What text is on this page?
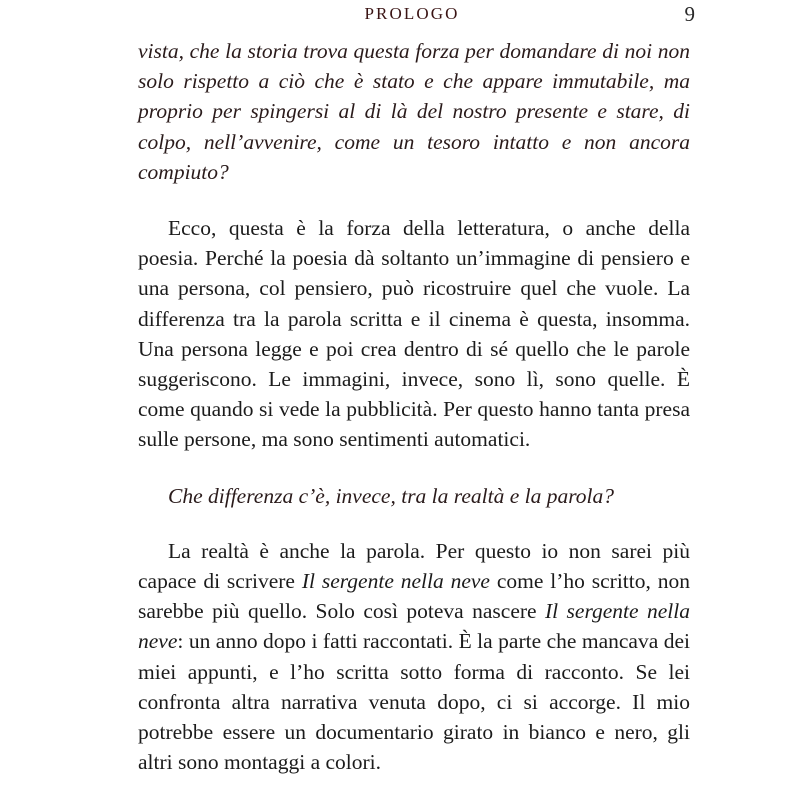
PROLOGO	9

vista, che la storia trova questa forza per domandare di noi non solo rispetto a ciò che è stato e che appare immutabile, ma proprio per spingersi al di là del nostro presente e stare, di colpo, nell’avvenire, come un tesoro intatto e non ancora compiuto?

Ecco, questa è la forza della letteratura, o anche della poesia. Perché la poesia dà soltanto un’immagine di pensiero e una persona, col pensiero, può ricostruire quel che vuole. La differenza tra la parola scritta e il cinema è questa, insomma. Una persona legge e poi crea dentro di sé quello che le parole suggeriscono. Le immagini, invece, sono lì, sono quelle. È come quando si vede la pubblicità. Per questo hanno tanta presa sulle persone, ma sono sentimenti automatici.

Che differenza c’è, invece, tra la realtà e la parola?

La realtà è anche la parola. Per questo io non sarei più capace di scrivere Il sergente nella neve come l’ho scritto, non sarebbe più quello. Solo così poteva nascere Il sergente nella neve: un anno dopo i fatti raccontati. È la parte che mancava dei miei appunti, e l’ho scritta sotto forma di racconto. Se lei confronta altra narrativa venuta dopo, ci si accorge. Il mio potrebbe essere un documentario girato in bianco e nero, gli altri sono montaggi a colori.
